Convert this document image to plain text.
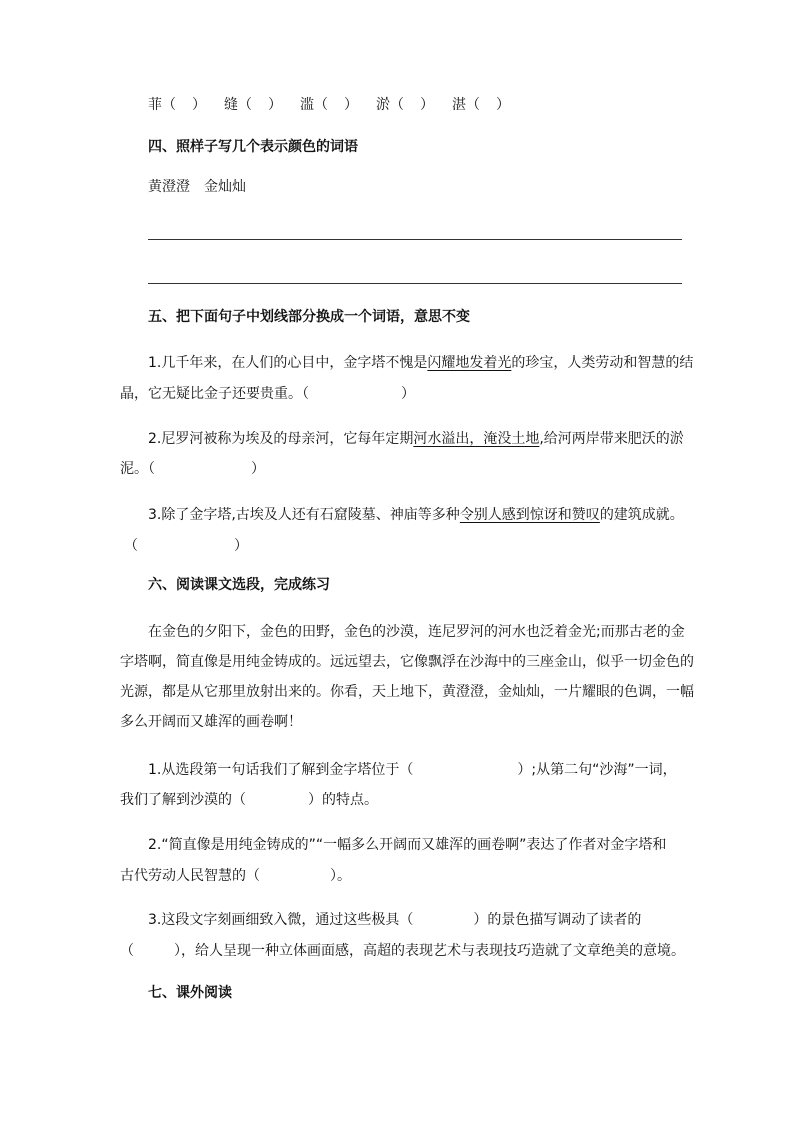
菲（ ） 缝（ ） 滥（ ） 淤（ ） 湛（ ）
四、照样子写几个表示颜色的词语
黄澄澄　金灿灿
五、把下面句子中划线部分换成一个词语，意思不变
1.几千年来，在人们的心目中，金字塔不愧是闪耀地发着光的珍宝，人类劳动和智慧的结
晶，它无疑比金子还要贵重。（	）
2.尼罗河被称为埃及的母亲河，它每年定期河水溢出，淹没土地,给河两岸带来肥沃的淤
泥。（	）
3.除了金字塔,古埃及人还有石窟陵墓、神庙等多种令别人感到惊讶和赞叹的建筑成就。
（	）
六、阅读课文选段，完成练习
在金色的夕阳下，金色的田野，金色的沙漠，连尼罗河的河水也泛着金光;而那古老的金
字塔啊，简直像是用纯金铸成的。远远望去，它像飘浮在沙海中的三座金山，似乎一切金色的
光源，都是从它那里放射出来的。你看，天上地下，黄澄澄，金灿灿，一片耀眼的色调，一幅
多么开阔而又雄浑的画卷啊！
1.从选段第一句话我们了解到金字塔位于（	）;从第二句“沙海”一词，
我们了解到沙漠的（	）的特点。
2.“简直像是用纯金铸成的”“一幅多么开阔而又雄浑的画卷啊”表达了作者对金字塔和
古代劳动人民智慧的（	）。
3.这段文字刻画细致入微，通过这些极具（	）的景色描写调动了读者的
（	），给人呈现一种立体画面感，高超的表现艺术与表现技巧造就了文章绝美的意境。
七、课外阅读
